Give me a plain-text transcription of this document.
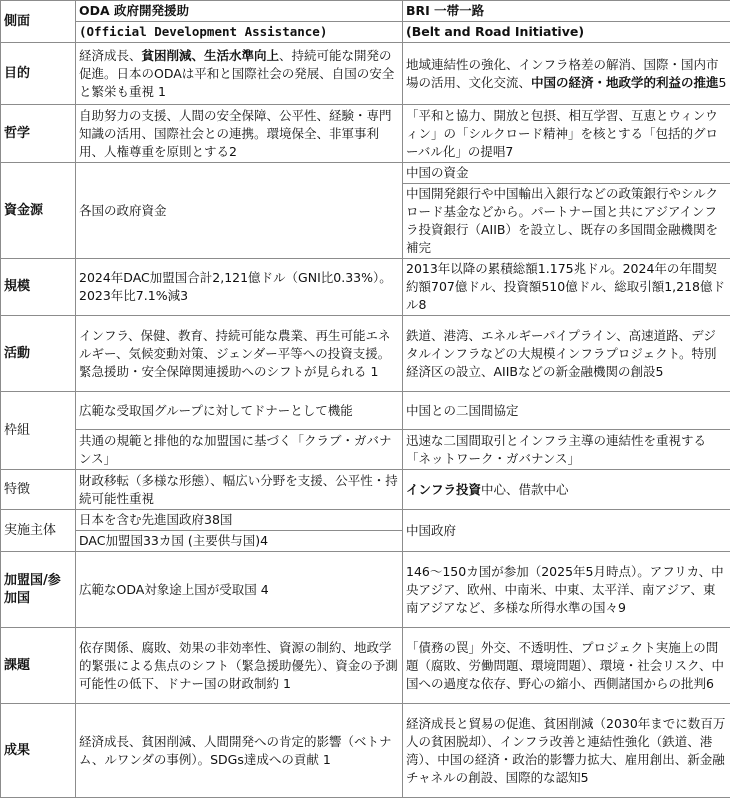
側面	ODA 政府開発援助	BRI 一帯一路
	(Official Development Assistance)	(Belt and Road Initiative)
目的	経済成長、貧困削減、生活水準向上、持続可能な開発の促進。日本のODAは平和と国際社会の発展、自国の安全と繁栄も重視 1	地域連結性の強化、インフラ格差の解消、国際・国内市場の活用、文化交流、中国の経済・地政学的利益の推進5
哲学	自助努力の支援、人間の安全保障、公平性、経験・専門知識の活用、国際社会との連携。環境保全、非軍事利用、人権尊重を原則とする2	「平和と協力、開放と包摂、相互学習、互恵とウィンウィン」の「シルクロード精神」を核とする「包括的グローバル化」の提唱7
資金源	各国の政府資金	中国の資金
		中国開発銀行や中国輸出入銀行などの政策銀行やシルクロード基金などから。パートナー国と共にアジアインフラ投資銀行（AIIB）を設立し、既存の多国間金融機関を補完
規模	2024年DAC加盟国合計2,121億ドル（GNI比0.33%）。2023年比7.1%減3	2013年以降の累積総額1.175兆ドル。2024年の年間契約額707億ドル、投資額510億ドル、総取引額1,218億ドル8
活動	インフラ、保健、教育、持続可能な農業、再生可能エネルギー、気候変動対策、ジェンダー平等への投資支援。緊急援助・安全保障関連援助へのシフトが見られる 1	鉄道、港湾、エネルギーパイプライン、高速道路、デジタルインフラなどの大規模インフラプロジェクト。特別経済区の設立、AIIBなどの新金融機関の創設5
枠組	広範な受取国グループに対してドナーとして機能	中国との二国間協定
	共通の規範と排他的な加盟国に基づく「クラブ・ガバナンス」	迅速な二国間取引とインフラ主導の連結性を重視する「ネットワーク・ガバナンス」
特徴	財政移転（多様な形態）、幅広い分野を支援、公平性・持続可能性重視	インフラ投資中心、借款中心
実施主体	日本を含む先進国政府38国	中国政府
	DAC加盟国33カ国 (主要供与国)4	
加盟国/参加国	広範なODA対象途上国が受取国 4	146～150カ国が参加（2025年5月時点）。アフリカ、中央アジア、欧州、中南米、中東、太平洋、南アジア、東南アジアなど、多様な所得水準の国々9
課題	依存関係、腐敗、効果の非効率性、資源の制約、地政学的緊張による焦点のシフト（緊急援助優先）、資金の予測可能性の低下、ドナー国の財政制約 1	「債務の罠」外交、不透明性、プロジェクト実施上の問題（腐敗、労働問題、環境問題）、環境・社会リスク、中国への過度な依存、野心の縮小、西側諸国からの批判6
成果	経済成長、貧困削減、人間開発への肯定的影響（ベトナム、ルワンダの事例）。SDGs達成への貢献 1	経済成長と貿易の促進、貧困削減（2030年までに数百万人の貧困脱却）、インフラ改善と連結性強化（鉄道、港湾）、中国の経済・政治的影響力拡大、雇用創出、新金融チャネルの創設、国際的な認知5
